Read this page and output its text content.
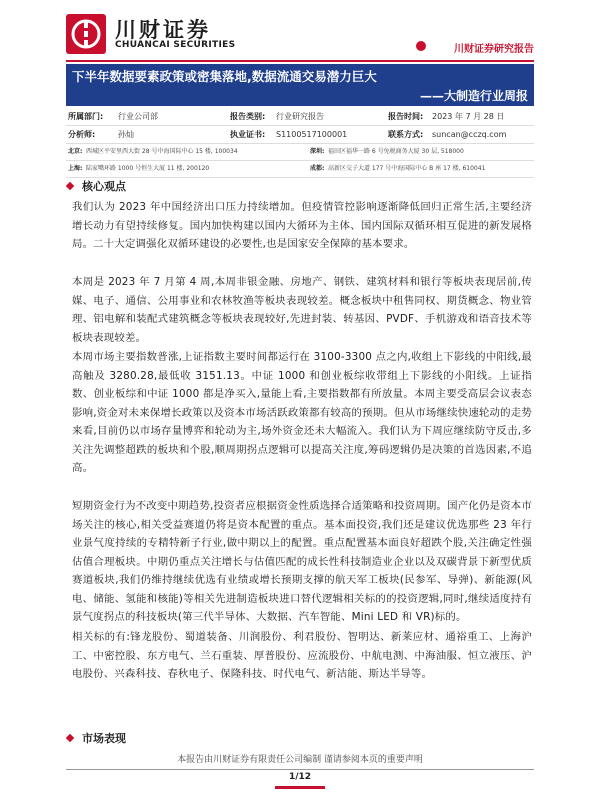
川财证券
CHUANCAI SECURITIES	川财证券研究报告
下半年数据要素政策或密集落地,数据流通交易潜力巨大
——大制造行业周报
所属部门: 行业公司部	报告类别: 行业研究报告	报告时间: 2023 年 7 月 28 日
分析师:	孙灿	执业证书: S1100517100001	联系方式: suncan@cczq.com
北京: 西城区平安里西大街 28 号中海国际中心 15 楼, 100034	深圳: 福田区福华一路 6 号免税商务大厦 30 层, 518000
上海: 陆家嘴环路 1000 号恒生大厦 11 楼, 200120	成都: 高新区交子大道 177 号中海国际中心 B 座 17 楼, 610041
核心观点
我们认为 2023 年中国经济出口压力持续增加。但疫情管控影响逐渐降低回归正常生活,主要经济增长动力有望持续修复。国内加快构建以国内大循环为主体、国内国际双循环相互促进的新发展格局。二十大定调强化双循环建设的必要性,也是国家安全保障的基本要求。
本周是 2023 年 7 月第 4 周,本周非银金融、房地产、钢铁、建筑材料和银行等板块表现居前,传媒、电子、通信、公用事业和农林牧渔等板块表现较差。概念板块中租售同权、期货概念、物业管理、铝电解和装配式建筑概念等板块表现较好,先进封装、转基因、PVDF、手机游戏和语音技术等板块表现较差。
本周市场主要指数普涨,上证指数主要时间都运行在 3100-3300 点之内,收组上下影线的中阳线,最高触及 3280.28,最低收 3151.13。中证 1000 和创业板综收带组上下影线的小阳线。上证指数、创业板综和中证 1000 都是净买入,量能上看,主要指数都有所放量。本周主要受高层会议表态影响,资金对未来保增长政策以及资本市场活跃政策都有较高的预期。但从市场继续快速轮动的走势来看,目前仍以市场存量博弈和轮动为主,场外资金还未大幅流入。我们认为下周应继续防守反击,多关注先调整超跌的板块和个股,顺周期拐点逻辑可以提高关注度,筹码逻辑仍是决策的首选因素,不追高。
短期资金行为不改变中期趋势,投资者应根据资金性质选择合适策略和投资周期。国产化仍是资本市场关注的核心,相关受益赛道仍将是资本配置的重点。基本面投资,我们还是建议优选那些 23 年行业景气度持续的专精特新子行业,做中期以上的配置。重点配置基本面良好超跌个股,关注确定性强估值合理板块。中期仍重点关注增长与估值匹配的成长性科技制造业企业以及双碳背景下新型优质赛道板块,我们仍维持继续优选有业绩或增长预期支撑的航天军工板块(民参军、导弹)、新能源(风电、储能、氢能和核能)等相关先进制造板块进口替代逻辑相关标的的投资逻辑,同时,继续适度持有景气度拐点的科技板块(第三代半导体、大数据、汽车智能、Mini LED 和 VR)标的。
相关标的有:锋龙股份、蜀道装备、川润股份、利君股份、智明达、新莱应材、通裕重工、上海沪工、中密控股、东方电气、兰石重装、厚普股份、应流股份、中航电测、中海油服、恒立液压、沪电股份、兴森科技、春秋电子、保隆科技、时代电气、新洁能、斯达半导等。
市场表现
本报告由川财证券有限责任公司编制 谨请参阅本页的重要声明
1/12
